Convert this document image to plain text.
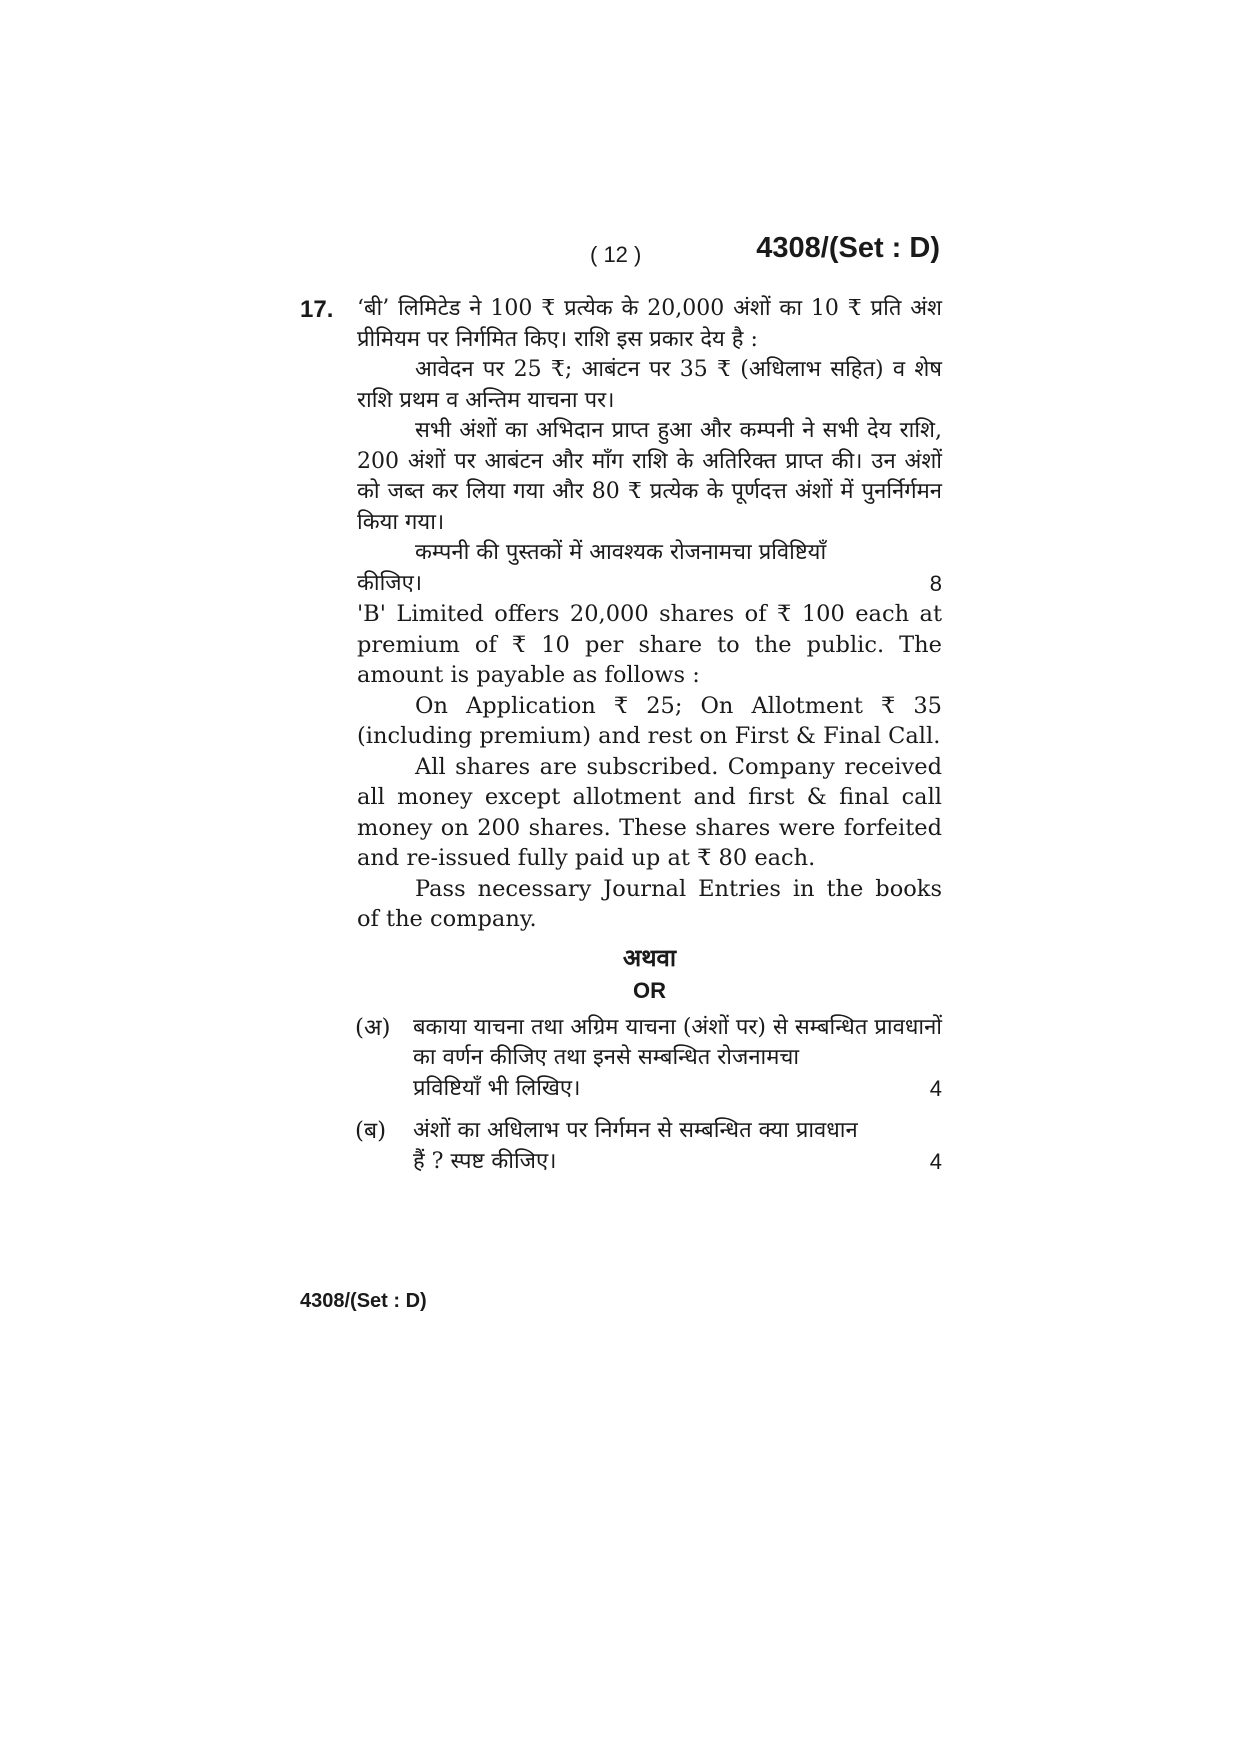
( 12 )	4308/(Set : D)
17. ‘बी’ लिमिटेड ने 100 ₹ प्रत्येक के 20,000 अंशों का 10 ₹ प्रति अंश प्रीमियम पर निर्गमित किए। राशि इस प्रकार देय है :

आवेदन पर 25 ₹; आबंटन पर 35 ₹ (अधिलाभ सहित) व शेष राशि प्रथम व अन्तिम याचना पर।

सभी अंशों का अभिदान प्राप्त हुआ और कम्पनी ने सभी देय राशि, 200 अंशों पर आबंटन और माँग राशि के अतिरिक्त प्राप्त की। उन अंशों को जब्त कर लिया गया और 80 ₹ प्रत्येक के पूर्णदत्त अंशों में पुनर्निर्गमन किया गया।

कम्पनी की पुस्तकों में आवश्यक रोजनामचा प्रविष्टियाँ

कीजिए।	8

'B' Limited offers 20,000 shares of ₹ 100 each at premium of ₹ 10 per share to the public. The amount is payable as follows :

On Application ₹ 25; On Allotment ₹ 35 (including premium) and rest on First & Final Call.

All shares are subscribed. Company received all money except allotment and first & final call money on 200 shares. These shares were forfeited and re-issued fully paid up at ₹ 80 each.

Pass necessary Journal Entries in the books of the company.

अथवा
OR
(अ) बकाया याचना तथा अग्रिम याचना (अंशों पर) से सम्बन्धित प्रावधानों का वर्णन कीजिए तथा इनसे सम्बन्धित रोजनामचा

प्रविष्टियाँ भी लिखिए।	4
(ब) अंशों का अधिलाभ पर निर्गमन से सम्बन्धित क्या प्रावधान

हैं ? स्पष्ट कीजिए।	4
4308/(Set : D)
